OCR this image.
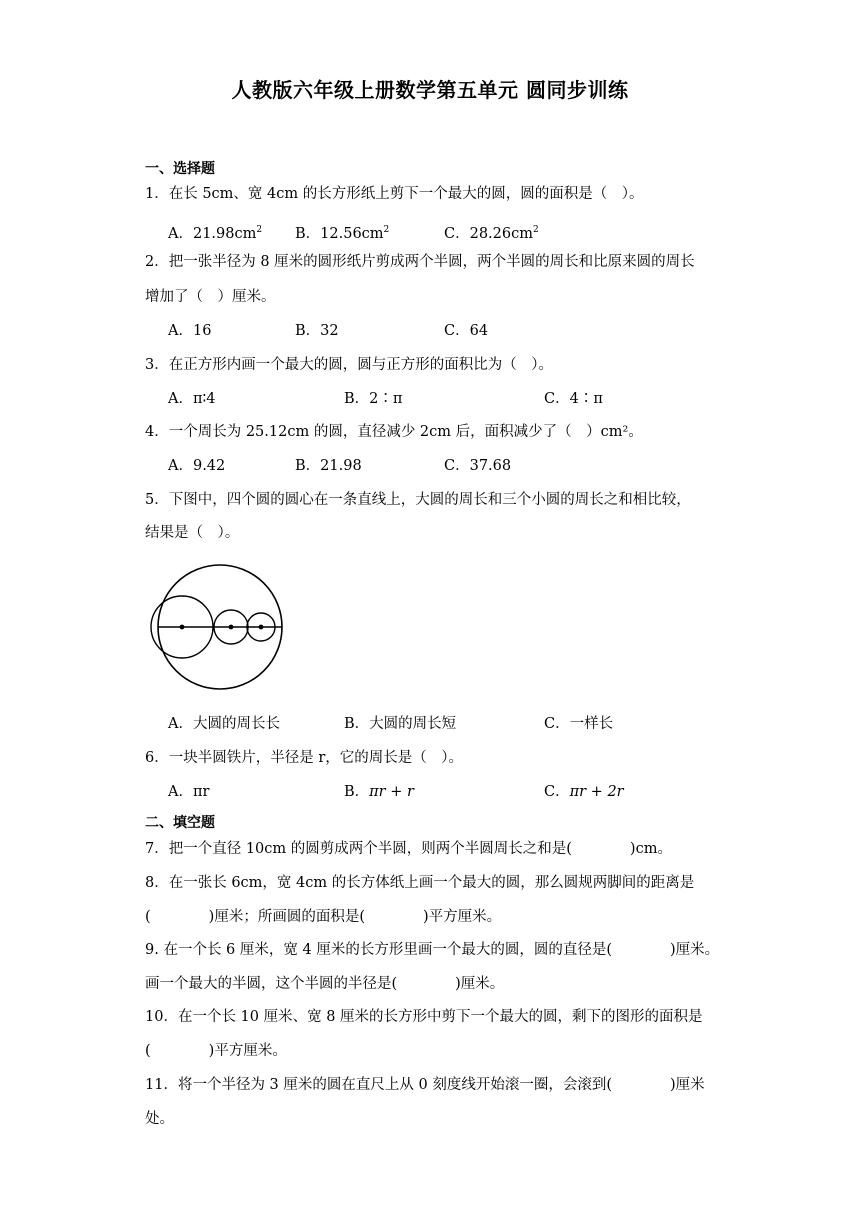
人教版六年级上册数学第五单元 圆同步训练
一、选择题
1．在长 5cm、宽 4cm 的长方形纸上剪下一个最大的圆，圆的面积是（　）。
A．$21.98cm^2$ B．$12.56cm^2$	C．$28.26cm^2$
2．把一张半径为 8 厘米的圆形纸片剪成两个半圆，两个半圆的周长和比原来圆的周长
增加了（　）厘米。
A．16	B．32	C．64
3．在正方形内画一个最大的圆，圆与正方形的面积比为（　）。
A．π∶4	B．2∶π	C．4∶π
4．一个周长为 25.12cm 的圆，直径减少 2cm 后，面积减少了（　）cm²。
A．9.42	B．21.98	C．37.68
5．下图中，四个圆的圆心在一条直线上，大圆的周长和三个小圆的周长之和相比较，
结果是（　）。
A．大圆的周长长	B．大圆的周长短	C．一样长
6．一块半圆铁片，半径是 r，它的周长是（　）。
A．πr	B．πr + r	C．πr + 2r
二、填空题
7．把一个直径 10cm 的圆剪成两个半圆，则两个半圆周长之和是(　　　　)cm。
8．在一张长 6cm，宽 4cm 的长方体纸上画一个最大的圆，那么圆规两脚间的距离是
(　　　　)厘米；所画圆的面积是(　　　　)平方厘米。
9. 在一个长 6 厘米，宽 4 厘米的长方形里画一个最大的圆，圆的直径是(　　　　)厘米。
画一个最大的半圆，这个半圆的半径是(　　　　)厘米。
10．在一个长 10 厘米、宽 8 厘米的长方形中剪下一个最大的圆，剩下的图形的面积是
(　　　　)平方厘米。
11．将一个半径为 3 厘米的圆在直尺上从 0 刻度线开始滚一圈，会滚到(　　　　)厘米
处。
